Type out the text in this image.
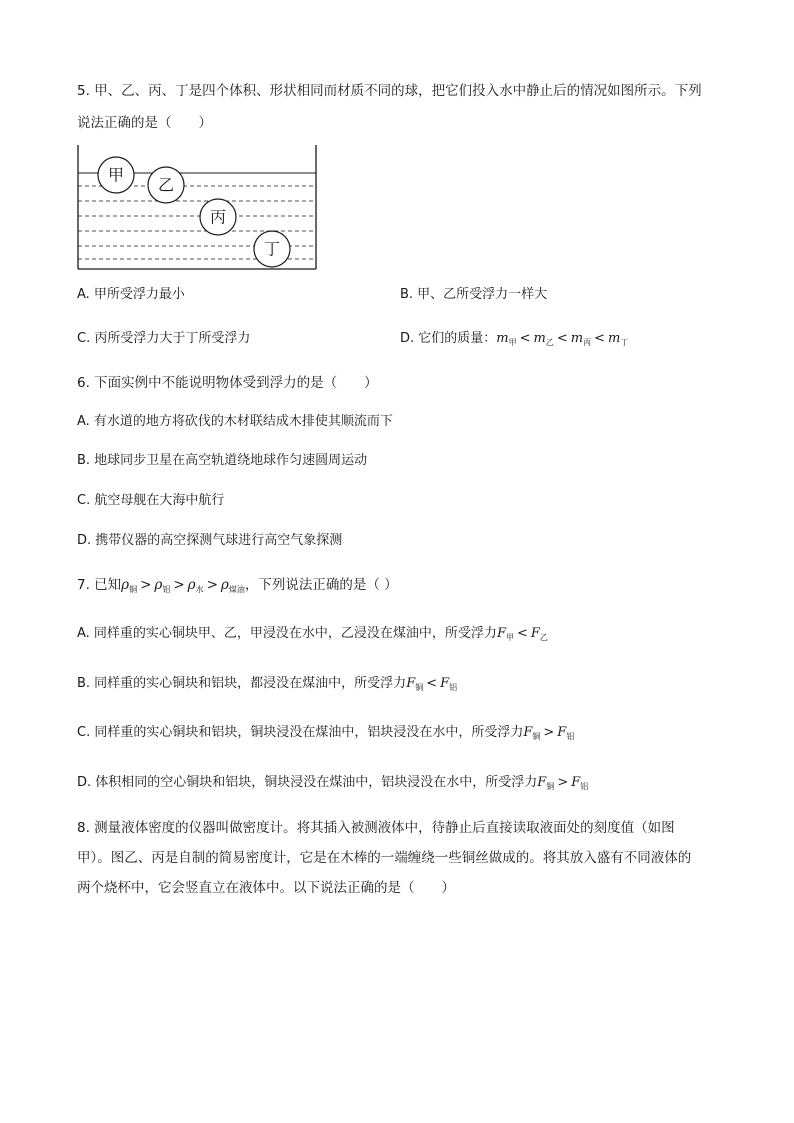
5. 甲、乙、丙、丁是四个体积、形状相同而材质不同的球，把它们投入水中静止后的情况如图所示。下列
说法正确的是（　　）
甲
乙
丙
丁
A. 甲所受浮力最小	B. 甲、乙所受浮力一样大
C. 丙所受浮力大于丁所受浮力	D. 它们的质量：$m_甲 < m_乙 < m_丙 < m_丁$
6. 下面实例中不能说明物体受到浮力的是（　　）
A. 有水道的地方将砍伐的木材联结成木排使其顺流而下
B. 地球同步卫星在高空轨道绕地球作匀速圆周运动
C. 航空母舰在大海中航行
D. 携带仪器的高空探测气球进行高空气象探测
7. 已知$\rho_铜 > \rho_铝 > \rho_水 > \rho_{煤油}$，下列说法正确的是（ ）
A. 同样重的实心铜块甲、乙，甲浸没在水中，乙浸没在煤油中，所受浮力$F_甲 < F_乙$
B. 同样重的实心铜块和铝块，都浸没在煤油中，所受浮力$F_铜 < F_铝$
C. 同样重的实心铜块和铝块，铜块浸没在煤油中，铝块浸没在水中，所受浮力$F_铜 > F_铝$
D. 体积相同的空心铜块和铝块，铜块浸没在煤油中，铝块浸没在水中，所受浮力$F_铜 > F_铝$
8. 测量液体密度的仪器叫做密度计。将其插入被测液体中，待静止后直接读取液面处的刻度值（如图
甲）。图乙、丙是自制的简易密度计，它是在木棒的一端缠绕一些铜丝做成的。将其放入盛有不同液体的
两个烧杯中，它会竖直立在液体中。以下说法正确的是（　　）
